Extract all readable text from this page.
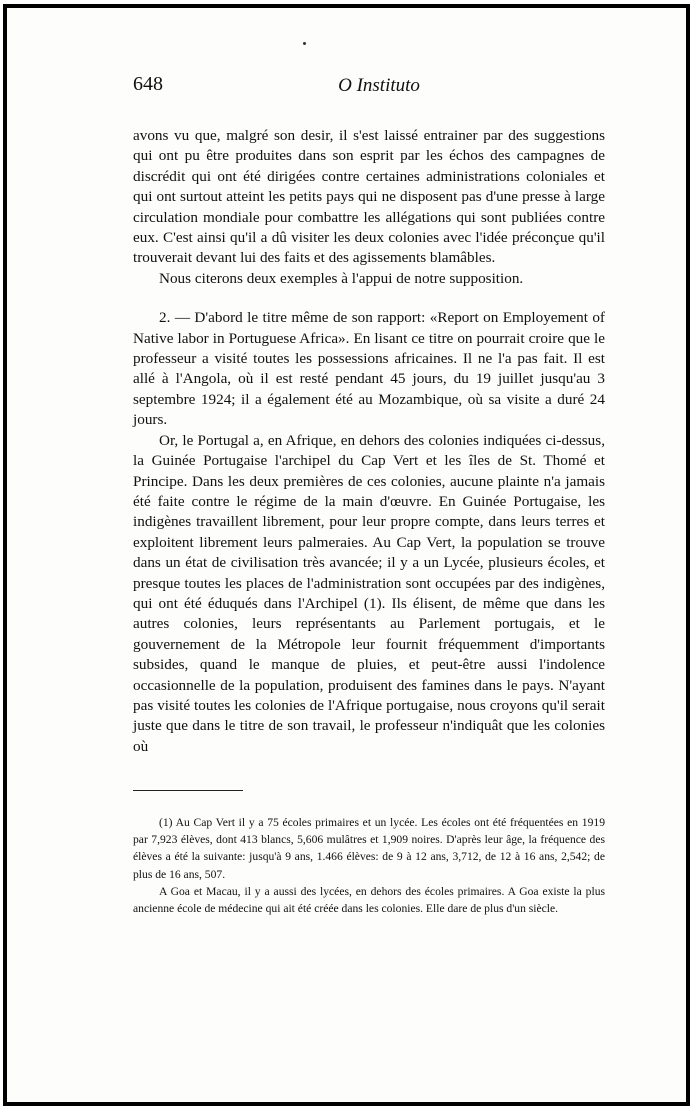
648	O Instituto

avons vu que, malgré son desir, il s'est laissé entrainer par des suggestions qui ont pu être produites dans son esprit par les échos des campagnes de discrédit qui ont été dirigées contre certaines administrations coloniales et qui ont surtout atteint les petits pays qui ne disposent pas d'une presse à large circulation mondiale pour combattre les allégations qui sont publiées contre eux. C'est ainsi qu'il a dû visiter les deux colonies avec l'idée préconçue qu'il trouverait devant lui des faits et des agissements blamâbles.

Nous citerons deux exemples à l'appui de notre supposition.

2. — D'abord le titre même de son rapport: «Report on Employement of Native labor in Portuguese Africa». En lisant ce titre on pourrait croire que le professeur a visité toutes les possessions africaines. Il ne l'a pas fait. Il est allé à l'Angola, où il est resté pendant 45 jours, du 19 juillet jusqu'au 3 septembre 1924; il a également été au Mozambique, où sa visite a duré 24 jours.

Or, le Portugal a, en Afrique, en dehors des colonies indiquées ci-dessus, la Guinée Portugaise l'archipel du Cap Vert et les îles de St. Thomé et Principe. Dans les deux premières de ces colonies, aucune plainte n'a jamais été faite contre le régime de la main d'œuvre. En Guinée Portugaise, les indigènes travaillent librement, pour leur propre compte, dans leurs terres et exploitent librement leurs palmeraies. Au Cap Vert, la population se trouve dans un état de civilisation très avancée; il y a un Lycée, plusieurs écoles, et presque toutes les places de l'administration sont occupées par des indigènes, qui ont été éduqués dans l'Archipel (1). Ils élisent, de même que dans les autres colonies, leurs représentants au Parlement portugais, et le gouvernement de la Métropole leur fournit fréquemment d'importants subsides, quand le manque de pluies, et peut-être aussi l'indolence occasionnelle de la population, produisent des famines dans le pays. N'ayant pas visité toutes les colonies de l'Afrique portugaise, nous croyons qu'il serait juste que dans le titre de son travail, le professeur n'indiquât que les colonies où

(1) Au Cap Vert il y a 75 écoles primaires et un lycée. Les écoles ont été fréquentées en 1919 par 7,923 élèves, dont 413 blancs, 5,606 mulâtres et 1,909 noires. D'après leur âge, la fréquence des élèves a été la suivante: jusqu'à 9 ans, 1.466 élèves: de 9 à 12 ans, 3,712, de 12 à 16 ans, 2,542; de plus de 16 ans, 507.

A Goa et Macau, il y a aussi des lycées, en dehors des écoles primaires. A Goa existe la plus ancienne école de médecine qui ait été créée dans les colonies. Elle dare de plus d'un siècle.
